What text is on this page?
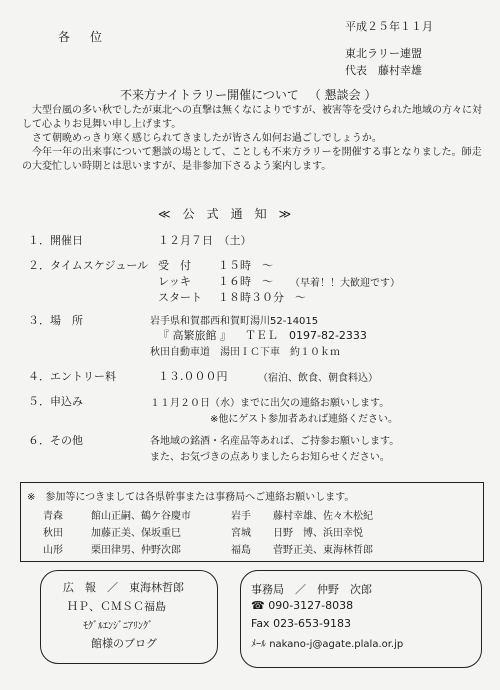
各　位
平成２５年１１月
東北ラリー連盟
代表　藤村幸雄
不来方ナイトラリー開催について （ 懇談会 ）

大型台風の多い秋でしたが東北への直撃は無くなによりですが、被害等を受けられた地域の方々に対して心よりお見舞い申し上げます。

さて朝晩めっきり寒く感じられてきましたが皆さん如何お過ごしでしょうか。

今年一年の出来事について懇談の場として、ことしも不来方ラリーを開催する事となりました。師走の大変忙しい時期とは思いますが、是非参加下さるよう案内します。

≪　公　式　通　知　≫
１．開催日	１２月７日　（土）
２．タイムスケジュール 受　付 １５時　〜
レッキ １６時　〜 （早着！！大歓迎です）
スタート １８時３０分　〜
３．場　所	岩手県和賀郡西和賀町湯川52-14015
『 高繁旅館 』 ＴＥＬ　0197-82-2333
秋田自動車道　湯田ＩＣ下車　約１０ｋｍ
４．エントリー料	１３.０００円	（宿泊、飲食、朝食料込）
５．申込み	１１月２０日（水）までに出欠の連絡お願いします。
※他にゲスト参加者あれば連絡ください。
６．その他	各地域の銘酒・名産品等あれば、ご持参お願いします。
また、お気づきの点ありましたらお知らせください。
※　参加等につきましては各県幹事または事務局へご連絡お願いします。
青森	館山正嗣、鶴ケ谷慶市
秋田	加藤正美、保坂重巳
山形	栗田律男、仲野次郎
岩手 藤村幸雄、佐々木松紀
宮城 日野　博、浜田幸悦
福島 菅野正美、東海林哲郎
広　報　／　東海林哲郎
ＨＰ、ＣＭＳＣ福島
ﾓｸﾞﾙｴﾝｼﾞﾆｱﾘﾝｸﾞ
館様のブログ
事務局　／　仲野　次郎
☎ 090-3127-8038
Fax 023-653-9183
ﾒｰﾙ nakano-j@agate.plala.or.jp
